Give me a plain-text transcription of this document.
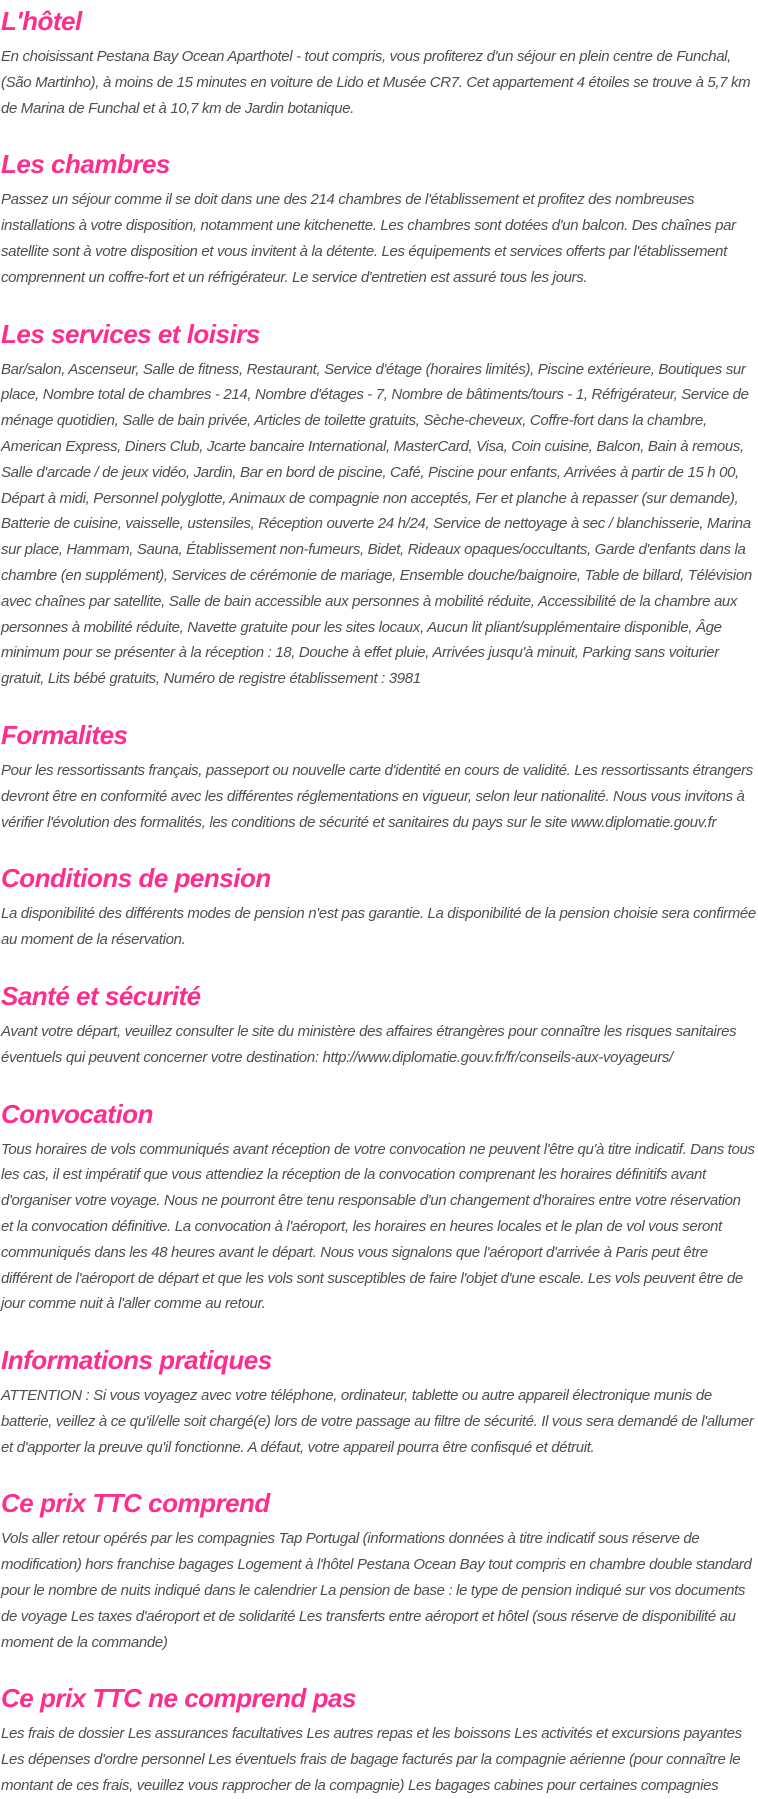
L'hôtel

En choisissant Pestana Bay Ocean Aparthotel - tout compris, vous profiterez d'un séjour en plein centre de Funchal, (São Martinho), à moins de 15 minutes en voiture de Lido et Musée CR7. Cet appartement 4 étoiles se trouve à 5,7 km de Marina de Funchal et à 10,7 km de Jardin botanique.

Les chambres

Passez un séjour comme il se doit dans une des 214 chambres de l'établissement et profitez des nombreuses installations à votre disposition, notamment une kitchenette. Les chambres sont dotées d'un balcon. Des chaînes par satellite sont à votre disposition et vous invitent à la détente. Les équipements et services offerts par l'établissement comprennent un coffre-fort et un réfrigérateur. Le service d'entretien est assuré tous les jours.

Les services et loisirs

Bar/salon, Ascenseur, Salle de fitness, Restaurant, Service d'étage (horaires limités), Piscine extérieure, Boutiques sur place, Nombre total de chambres - 214, Nombre d'étages - 7, Nombre de bâtiments/tours - 1, Réfrigérateur, Service de ménage quotidien, Salle de bain privée, Articles de toilette gratuits, Sèche-cheveux, Coffre-fort dans la chambre, American Express, Diners Club, Jcarte bancaire International, MasterCard, Visa, Coin cuisine, Balcon, Bain à remous, Salle d'arcade / de jeux vidéo, Jardin, Bar en bord de piscine, Café, Piscine pour enfants, Arrivées à partir de 15 h 00, Départ à midi, Personnel polyglotte, Animaux de compagnie non acceptés, Fer et planche à repasser (sur demande), Batterie de cuisine, vaisselle, ustensiles, Réception ouverte 24 h/24, Service de nettoyage à sec / blanchisserie, Marina sur place, Hammam, Sauna, Établissement non-fumeurs, Bidet, Rideaux opaques/occultants, Garde d'enfants dans la chambre (en supplément), Services de cérémonie de mariage, Ensemble douche/baignoire, Table de billard, Télévision avec chaînes par satellite, Salle de bain accessible aux personnes à mobilité réduite, Accessibilité de la chambre aux personnes à mobilité réduite, Navette gratuite pour les sites locaux, Aucun lit pliant/supplémentaire disponible, Âge minimum pour se présenter à la réception : 18, Douche à effet pluie, Arrivées jusqu'à minuit, Parking sans voiturier gratuit, Lits bébé gratuits, Numéro de registre établissement : 3981

Formalites

Pour les ressortissants français, passeport ou nouvelle carte d'identité en cours de validité. Les ressortissants étrangers devront être en conformité avec les différentes réglementations en vigueur, selon leur nationalité. Nous vous invitons à vérifier l'évolution des formalités, les conditions de sécurité et sanitaires du pays sur le site www.diplomatie.gouv.fr

Conditions de pension

La disponibilité des différents modes de pension n'est pas garantie. La disponibilité de la pension choisie sera confirmée au moment de la réservation.

Santé et sécurité

Avant votre départ, veuillez consulter le site du ministère des affaires étrangères pour connaître les risques sanitaires éventuels qui peuvent concerner votre destination: http://www.diplomatie.gouv.fr/fr/conseils-aux-voyageurs/

Convocation

Tous horaires de vols communiqués avant réception de votre convocation ne peuvent l'être qu'à titre indicatif. Dans tous les cas, il est impératif que vous attendiez la réception de la convocation comprenant les horaires définitifs avant d'organiser votre voyage. Nous ne pourront être tenu responsable d'un changement d'horaires entre votre réservation et la convocation définitive. La convocation à l'aéroport, les horaires en heures locales et le plan de vol vous seront communiqués dans les 48 heures avant le départ. Nous vous signalons que l'aéroport d'arrivée à Paris peut être différent de l'aéroport de départ et que les vols sont susceptibles de faire l'objet d'une escale. Les vols peuvent être de jour comme nuit à l'aller comme au retour.

Informations pratiques

ATTENTION : Si vous voyagez avec votre téléphone, ordinateur, tablette ou autre appareil électronique munis de batterie, veillez à ce qu'il/elle soit chargé(e) lors de votre passage au filtre de sécurité. Il vous sera demandé de l'allumer et d'apporter la preuve qu'il fonctionne. A défaut, votre appareil pourra être confisqué et détruit.

Ce prix TTC comprend

Vols aller retour opérés par les compagnies Tap Portugal (informations données à titre indicatif sous réserve de modification) hors franchise bagages Logement à l'hôtel Pestana Ocean Bay tout compris en chambre double standard pour le nombre de nuits indiqué dans le calendrier La pension de base : le type de pension indiqué sur vos documents de voyage Les taxes d'aéroport et de solidarité Les transferts entre aéroport et hôtel (sous réserve de disponibilité au moment de la commande)

Ce prix TTC ne comprend pas

Les frais de dossier Les assurances facultatives Les autres repas et les boissons Les activités et excursions payantes Les dépenses d'ordre personnel Les éventuels frais de bagage facturés par la compagnie aérienne (pour connaître le montant de ces frais, veuillez vous rapprocher de la compagnie) Les bagages cabines pour certaines compagnies
